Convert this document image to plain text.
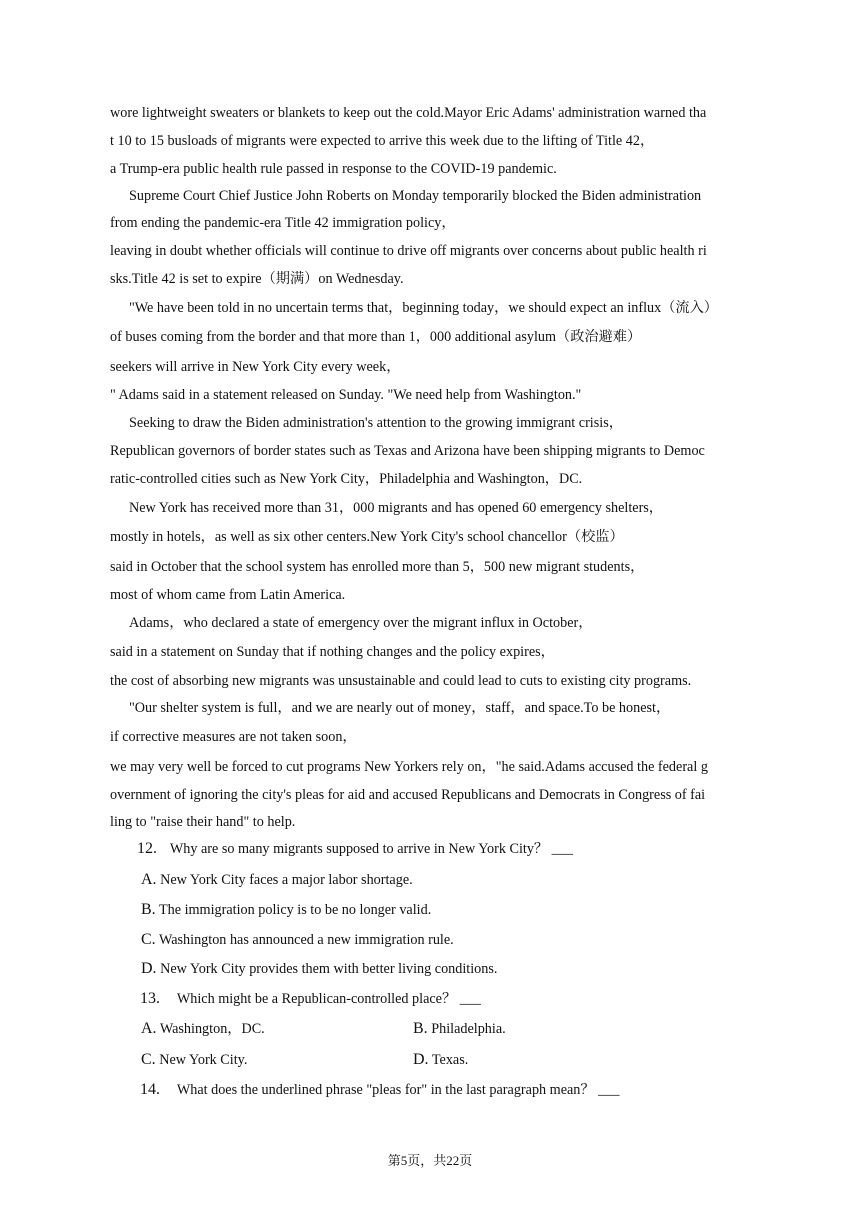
wore lightweight sweaters or blankets to keep out the cold.Mayor Eric Adams' administration warned tha
t 10 to 15 busloads of migrants were expected to arrive this week due to the lifting of Title 42，
a Trump-era public health rule passed in response to the COVID-19 pandemic.
Supreme Court Chief Justice John Roberts on Monday temporarily blocked the Biden administration
from ending the pandemic-era Title 42 immigration policy，
leaving in doubt whether officials will continue to drive off migrants over concerns about public health ri
sks.Title 42 is set to expire（期满）on Wednesday.
"We have been told in no uncertain terms that，beginning today，we should expect an influx（流入）
of buses coming from the border and that more than 1，000 additional asylum（政治避难）
seekers will arrive in New York City every week，
" Adams said in a statement released on Sunday. "We need help from Washington."
Seeking to draw the Biden administration's attention to the growing immigrant crisis，
Republican governors of border states such as Texas and Arizona have been shipping migrants to Democ
ratic-controlled cities such as New York City，Philadelphia and Washington，DC.
New York has received more than 31，000 migrants and has opened 60 emergency shelters，
mostly in hotels，as well as six other centers.New York City's school chancellor（校监）
said in October that the school system has enrolled more than 5，500 new migrant students，
most of whom came from Latin America.
Adams，who declared a state of emergency over the migrant influx in October，
said in a statement on Sunday that if nothing changes and the policy expires，
the cost of absorbing new migrants was unsustainable and could lead to cuts to existing city programs.
"Our shelter system is full，and we are nearly out of money，staff，and space.To be honest，
if corrective measures are not taken soon，
we may very well be forced to cut programs New Yorkers rely on，"he said.Adams accused the federal g
overnment of ignoring the city's pleas for aid and accused Republicans and Democrats in Congress of fai
ling to "raise their hand" to help.
12. Why are so many migrants supposed to arrive in New York City？ ___
A. New York City faces a major labor shortage.
B. The immigration policy is to be no longer valid.
C. Washington has announced a new immigration rule.
D. New York City provides them with better living conditions.
13. Which might be a Republican-controlled place？ ___
A. Washington，DC.	B. Philadelphia.
C. New York City.	D. Texas.
14. What does the underlined phrase "pleas for" in the last paragraph mean？ ___
第5页，共22页
